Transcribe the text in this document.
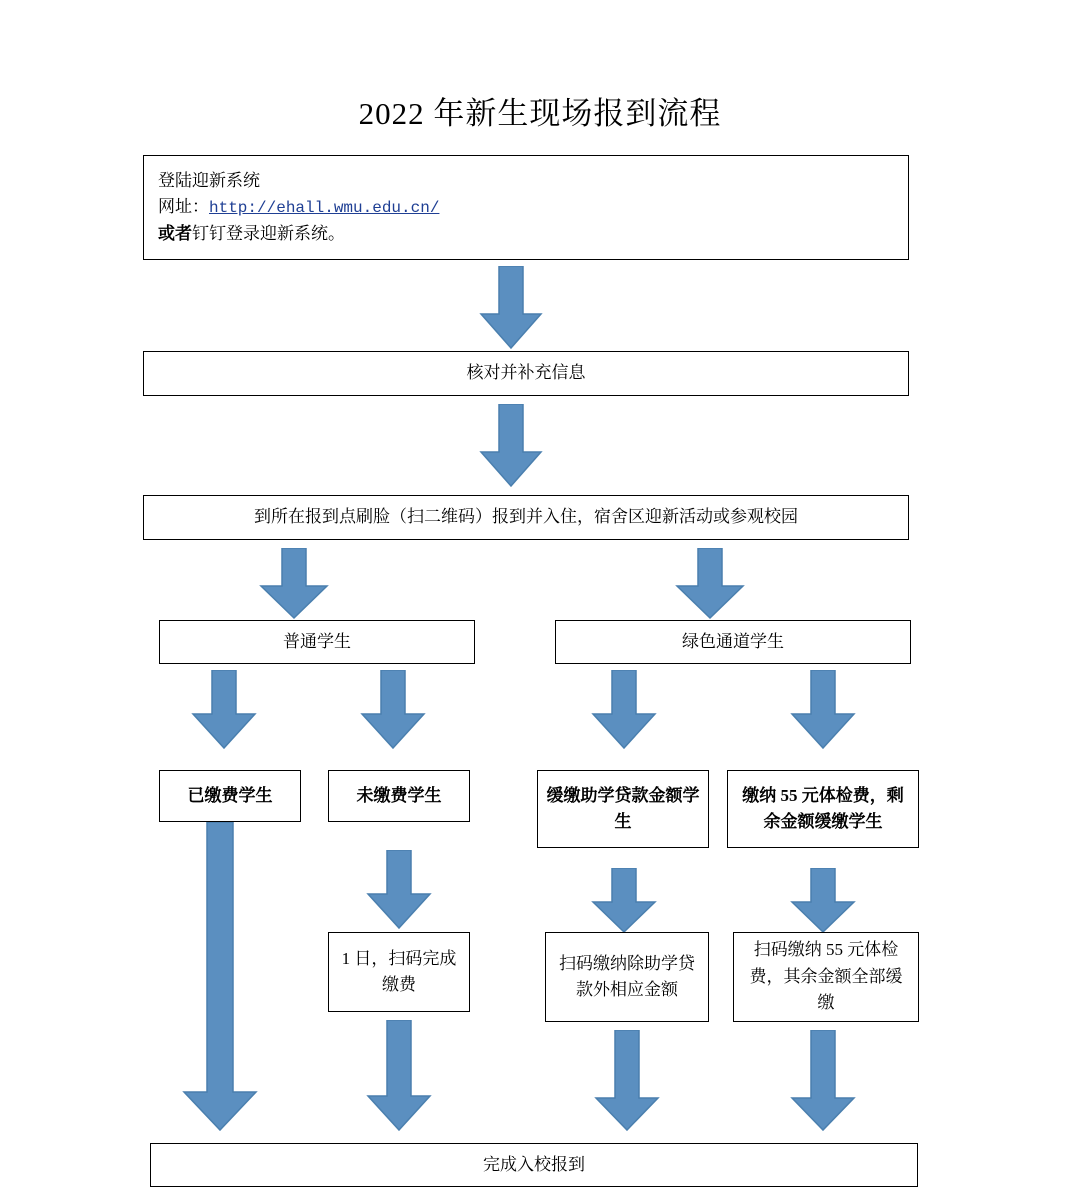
2022 年新生现场报到流程
登陆迎新系统
网址：http://ehall.wmu.edu.cn/
或者钉钉登录迎新系统。
核对并补充信息
到所在报到点刷脸（扫二维码）报到并入住，宿舍区迎新活动或参观校园
普通学生	绿色通道学生
已缴费学生	未缴费学生	缓缴助学贷款金额学生
缴纳 55 元体检费，剩余金额缓缴学生
1 日，扫码完成缴费
扫码缴纳除助学贷款外相应金额
扫码缴纳 55 元体检费，其余金额全部缓缴
完成入校报到
